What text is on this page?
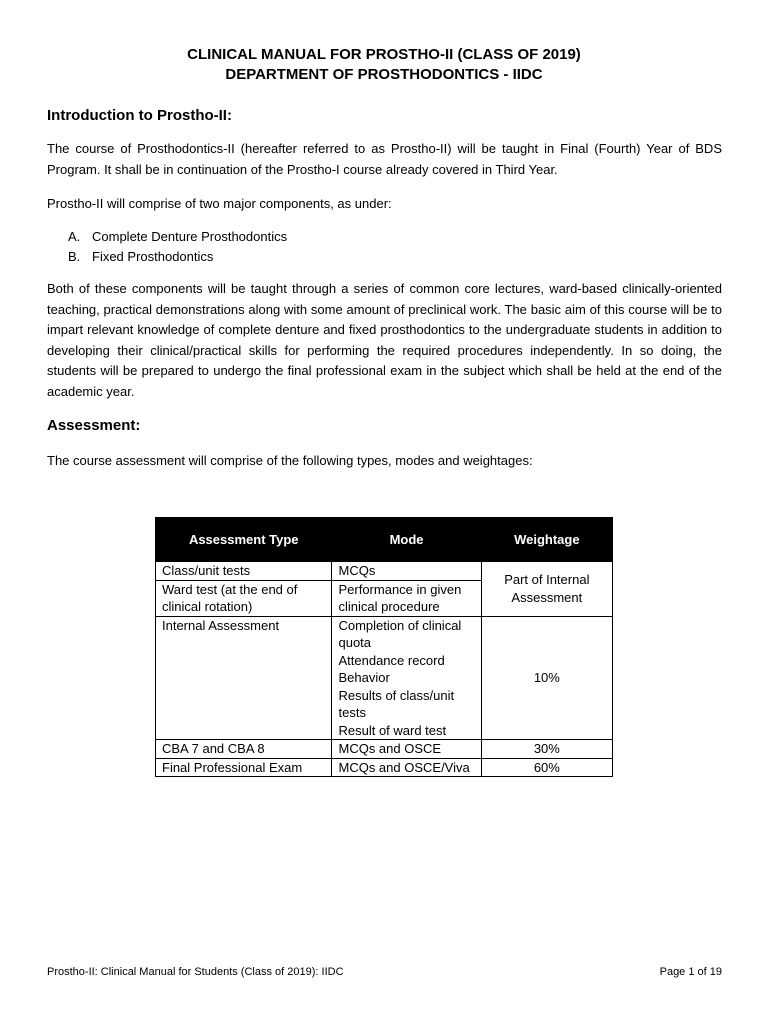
CLINICAL MANUAL FOR PROSTHO-II (CLASS OF 2019)
DEPARTMENT OF PROSTHODONTICS - IIDC
Introduction to Prostho-II:

The course of Prosthodontics-II (hereafter referred to as Prostho-II) will be taught in Final (Fourth) Year of BDS Program. It shall be in continuation of the Prostho-I course already covered in Third Year.

Prostho-II will comprise of two major components, as under:

A. Complete Denture Prosthodontics
B. Fixed Prosthodontics

Both of these components will be taught through a series of common core lectures, ward-based clinically-oriented teaching, practical demonstrations along with some amount of preclinical work. The basic aim of this course will be to impart relevant knowledge of complete denture and fixed prosthodontics to the undergraduate students in addition to developing their clinical/practical skills for performing the required procedures independently. In so doing, the students will be prepared to undergo the final professional exam in the subject which shall be held at the end of the academic year.

Assessment:

The course assessment will comprise of the following types, modes and weightages:

Assessment Type	Mode	Weightage
Class/unit tests	MCQs	Part of Internal Assessment
Ward test (at the end of clinical rotation)	Performance in given clinical procedure	
Internal Assessment	Completion of clinical quota
Attendance record
Behavior
Results of class/unit tests
Result of ward test	10%
CBA 7 and CBA 8	MCQs and OSCE	30%
Final Professional Exam	MCQs and OSCE/Viva	60%
Prostho-II: Clinical Manual for Students (Class of 2019): IIDC	Page 1 of 19
